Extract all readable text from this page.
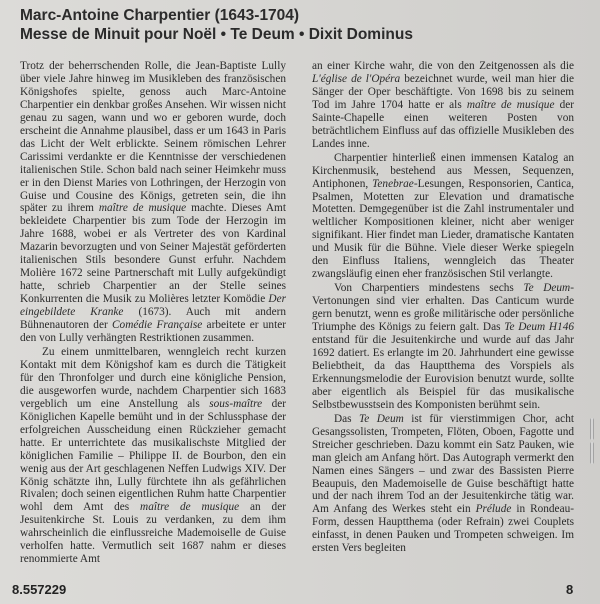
Marc-Antoine Charpentier (1643-1704)
Messe de Minuit pour Noël • Te Deum • Dixit Dominus

Trotz der beherrschenden Rolle, die Jean-Baptiste Lully über viele Jahre hinweg im Musikleben des französischen Königshofes spielte, genoss auch Marc-Antoine Charpentier ein denkbar großes Ansehen. Wir wissen nicht genau zu sagen, wann und wo er geboren wurde, doch erscheint die Annahme plausibel, dass er um 1643 in Paris das Licht der Welt erblickte. Seinem römischen Lehrer Carissimi verdankte er die Kenntnisse der verschiedenen italienischen Stile. Schon bald nach seiner Heimkehr muss er in den Dienst Maries von Lothringen, der Herzogin von Guise und Cousine des Königs, getreten sein, die ihn später zu ihrem maître de musique machte. Dieses Amt bekleidete Charpentier bis zum Tode der Herzogin im Jahre 1688, wobei er als Vertreter des von Kardinal Mazarin bevorzugten und von Seiner Majestät geförderten italienischen Stils besondere Gunst erfuhr. Nachdem Molière 1672 seine Partnerschaft mit Lully aufgekündigt hatte, schrieb Charpentier an der Stelle seines Konkurrenten die Musik zu Molières letzter Komödie Der eingebildete Kranke (1673). Auch mit andern Bühnenautoren der Comédie Française arbeitete er unter den von Lully verhängten Restriktionen zusammen.

Zu einem unmittelbaren, wenngleich recht kurzen Kontakt mit dem Königshof kam es durch die Tätigkeit für den Thronfolger und durch eine königliche Pension, die ausgeworfen wurde, nachdem Charpentier sich 1683 vergeblich um eine Anstellung als sous-maître der Königlichen Kapelle bemüht und in der Schlussphase der erfolgreichen Ausscheidung einen Rückzieher gemacht hatte. Er unterrichtete das musikalischste Mitglied der königlichen Familie – Philippe II. de Bourbon, den ein wenig aus der Art geschlagenen Neffen Ludwigs XIV. Der König schätzte ihn, Lully fürchtete ihn als gefährlichen Rivalen; doch seinen eigentlichen Ruhm hatte Charpentier wohl dem Amt des maître de musique an der Jesuitenkirche St. Louis zu verdanken, zu dem ihm wahrscheinlich die einflussreiche Mademoiselle de Guise verholfen hatte. Vermutlich seit 1687 nahm er dieses renommierte Amt

an einer Kirche wahr, die von den Zeitgenossen als die L'église de l'Opéra bezeichnet wurde, weil man hier die Sänger der Oper beschäftigte. Von 1698 bis zu seinem Tod im Jahre 1704 hatte er als maître de musique der Sainte-Chapelle einen weiteren Posten von beträchtlichem Einfluss auf das offizielle Musikleben des Landes inne.

Charpentier hinterließ einen immensen Katalog an Kirchenmusik, bestehend aus Messen, Sequenzen, Antiphonen, Tenebrae-Lesungen, Responsorien, Cantica, Psalmen, Motetten zur Elevation und dramatische Motetten. Demgegenüber ist die Zahl instrumentaler und weltlicher Kompositionen kleiner, nicht aber weniger signifikant. Hier findet man Lieder, dramatische Kantaten und Musik für die Bühne. Viele dieser Werke spiegeln den Einfluss Italiens, wenngleich das Theater zwangsläufig einen eher französischen Stil verlangte.

Von Charpentiers mindestens sechs Te Deum-Vertonungen sind vier erhalten. Das Canticum wurde gern benutzt, wenn es große militärische oder persönliche Triumphe des Königs zu feiern galt. Das Te Deum H146 entstand für die Jesuitenkirche und wurde auf das Jahr 1692 datiert. Es erlangte im 20. Jahrhundert eine gewisse Beliebtheit, da das Hauptthema des Vorspiels als Erkennungsmelodie der Eurovision benutzt wurde, sollte aber eigentlich als Beispiel für das musikalische Selbstbewusstsein des Komponisten berühmt sein.

Das Te Deum ist für vierstimmigen Chor, acht Gesangssolisten, Trompeten, Flöten, Oboen, Fagotte und Streicher geschrieben. Dazu kommt ein Satz Pauken, wie man gleich am Anfang hört. Das Autograph vermerkt den Namen eines Sängers – und zwar des Bassisten Pierre Beaupuis, den Mademoiselle de Guise beschäftigt hatte und der nach ihrem Tod an der Jesuitenkirche tätig war. Am Anfang des Werkes steht ein Prélude in Rondeau-Form, dessen Hauptthema (oder Refrain) zwei Couplets einfasst, in denen Pauken und Trompeten schweigen. Im ersten Vers begleiten

8.557229	8
